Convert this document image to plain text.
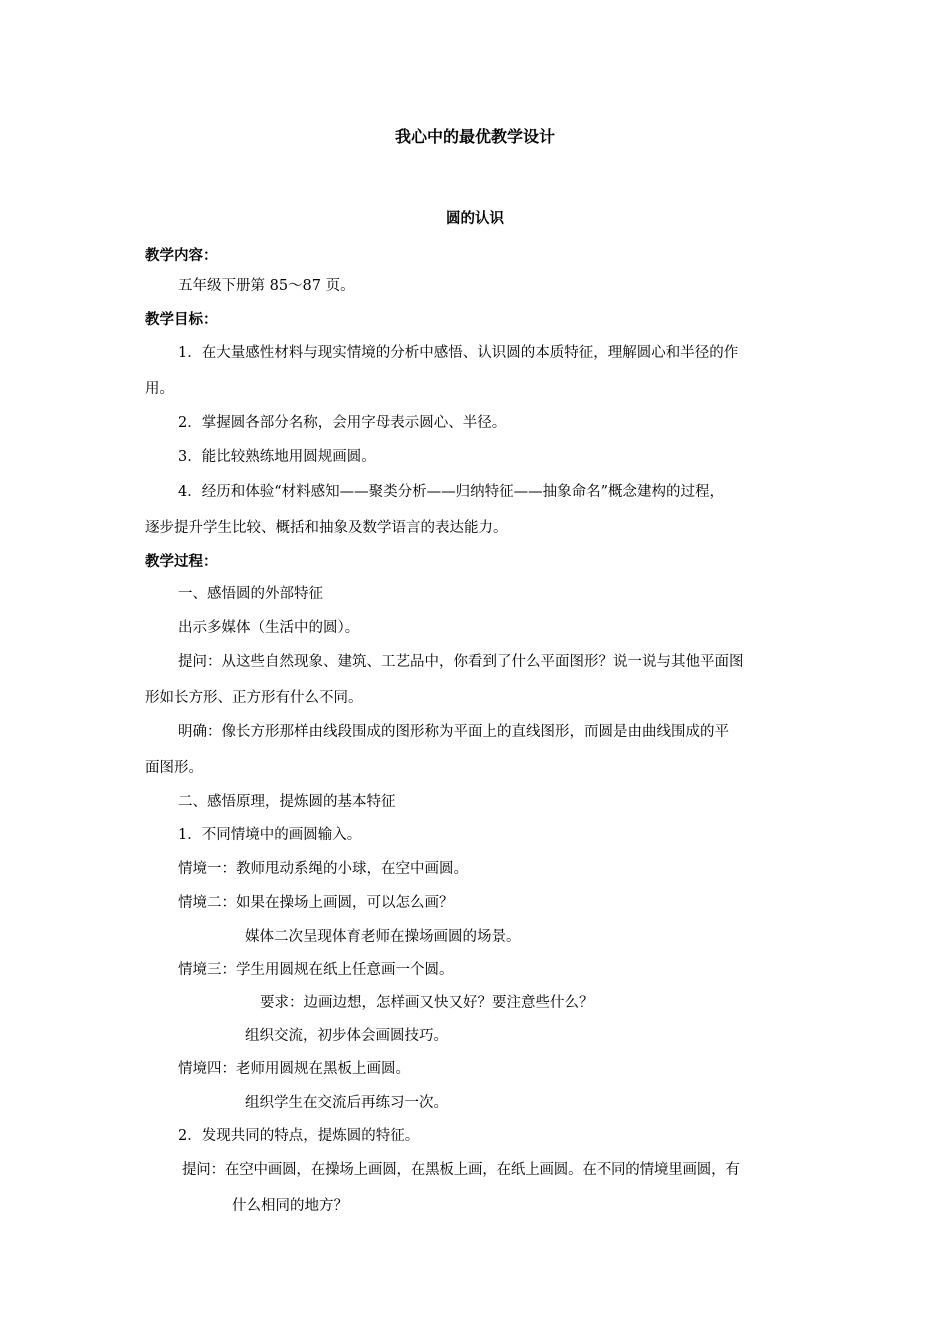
我心中的最优教学设计
圆的认识
教学内容：
五年级下册第 85～87 页。
教学目标：
1．在大量感性材料与现实情境的分析中感悟、认识圆的本质特征，理解圆心和半径的作
用。
2．掌握圆各部分名称，会用字母表示圆心、半径。
3．能比较熟练地用圆规画圆。
4．经历和体验“材料感知——聚类分析——归纳特征——抽象命名”概念建构的过程，
逐步提升学生比较、概括和抽象及数学语言的表达能力。
教学过程：
一、感悟圆的外部特征
出示多媒体（生活中的圆）。
提问：从这些自然现象、建筑、工艺品中，你看到了什么平面图形？说一说与其他平面图
形如长方形、正方形有什么不同。
明确：像长方形那样由线段围成的图形称为平面上的直线图形，而圆是由曲线围成的平
面图形。
二、感悟原理，提炼圆的基本特征
1．不同情境中的画圆输入。
情境一：教师甩动系绳的小球，在空中画圆。
情境二：如果在操场上画圆，可以怎么画？
媒体二次呈现体育老师在操场画圆的场景。
情境三：学生用圆规在纸上任意画一个圆。
要求：边画边想，怎样画又快又好？要注意些什么？
组织交流，初步体会画圆技巧。
情境四：老师用圆规在黑板上画圆。
组织学生在交流后再练习一次。
2．发现共同的特点，提炼圆的特征。
提问：在空中画圆，在操场上画圆，在黑板上画，在纸上画圆。在不同的情境里画圆，有
什么相同的地方？
